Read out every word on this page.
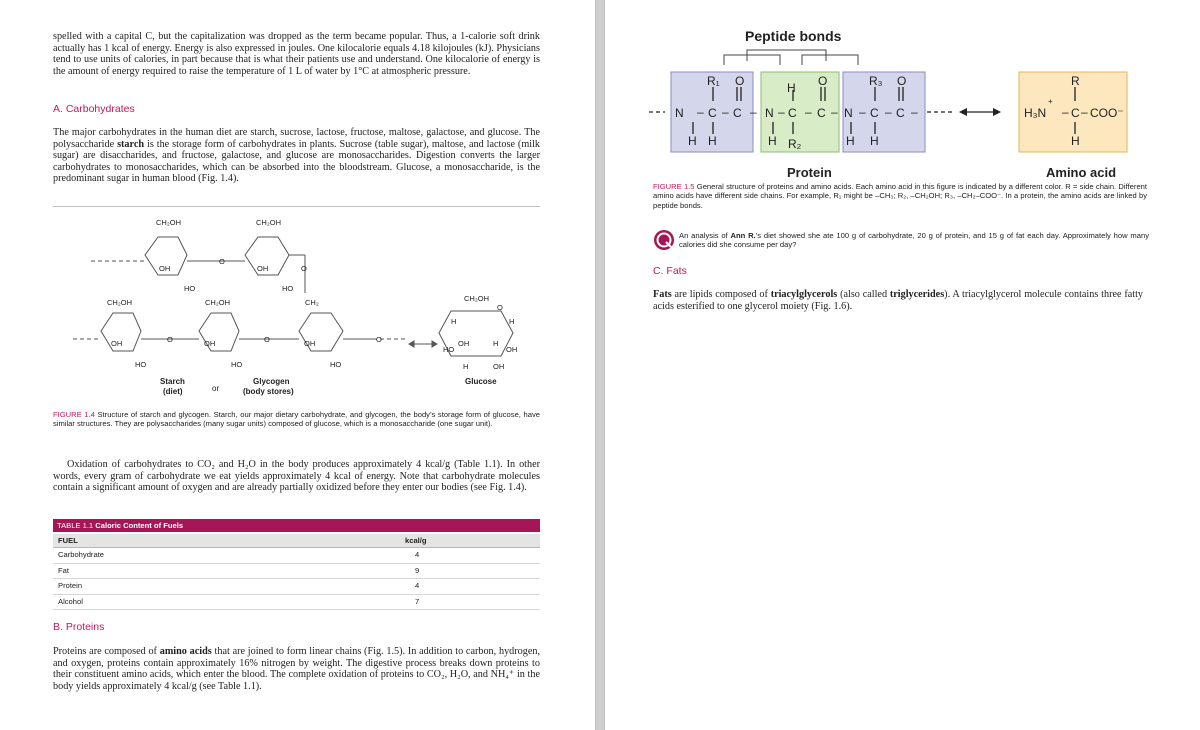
spelled with a capital C, but the capitalization was dropped as the term became popular. Thus, a 1-calorie soft drink actually has 1 kcal of energy. Energy is also expressed in joules. One kilocalorie equals 4.18 kilojoules (kJ). Physicians tend to use units of calories, in part because that is what their patients use and understand. One kilocalorie of energy is the amount of energy required to raise the temperature of 1 L of water by 1°C at atmospheric pressure.
A. Carbohydrates
The major carbohydrates in the human diet are starch, sucrose, lactose, fructose, maltose, galactose, and glucose. The polysaccharide starch is the storage form of carbohydrates in plants. Sucrose (table sugar), maltose, and lactose (milk sugar) are disaccharides, and fructose, galactose, and glucose are monosaccharides. Digestion converts the larger carbohydrates to monosaccharides, which can be absorbed into the bloodstream. Glucose, a monosaccharide, is the predominant sugar in human blood (Fig. 1.4).
CH₂OH	CH₂OH
OH	OH
HO	HO
O
O
CH₂OH	CH₂OH	CH₂	CH₂OH
OH	OH	OH
HO	HO	HO
O	O	O
H	H
HO
OH	H
OH
H	OH
O
Starch
(diet)	or
Glycogen
(body stores)
Glucose
FIGURE 1.4 Structure of starch and glycogen. Starch, our major dietary carbohydrate, and glycogen, the body’s storage form of glucose, have similar structures. They are polysaccharides (many sugar units) composed of glucose, which is a monosaccharide (one sugar unit).
Oxidation of carbohydrates to CO₂ and H₂O in the body produces approximately 4 kcal/g (Table 1.1). In other words, every gram of carbohydrate we eat yields approximately 4 kcal of energy. Note that carbohydrate molecules contain a significant amount of oxygen and are already partially oxidized before they enter our bodies (see Fig. 1.4).
TABLE 1.1 Caloric Content of Fuels
FUEL	kcal/g
Carbohydrate	4
Fat	9
Protein	4
Alcohol	7
B. Proteins
Proteins are composed of amino acids that are joined to form linear chains (Fig. 1.5). In addition to carbon, hydrogen, and oxygen, proteins contain approximately 16% nitrogen by weight. The digestive process breaks down proteins to their constituent amino acids, which enter the blood. The complete oxidation of proteins to CO₂, H₂O, and NH₄⁺ in the body yields approximately 4 kcal/g (see Table 1.1).
Peptide bonds
R₁ O	H O	R₃ O	R
N C C N C C N C C	H₃N C COO⁻
H H	H R₂	H H	H
– – – – – – – – –	– –
+
Protein	Amino acid
FIGURE 1.5 General structure of proteins and amino acids. Each amino acid in this figure is indicated by a different color. R = side chain. Different amino acids have different side chains. For example, R₁ might be –CH₃; R₂, –CH₂OH; R₃, –CH₂–COO⁻. In a protein, the amino acids are linked by peptide bonds.
An analysis of Ann R.’s diet showed she ate 100 g of carbohydrate, 20 g of protein, and 15 g of fat each day. Approximately how many calories did she consume per day?
C. Fats
Fats are lipids composed of triacylglycerols (also called triglycerides). A triacylglycerol molecule contains three fatty acids esterified to one glycerol moiety (Fig. 1.6).
